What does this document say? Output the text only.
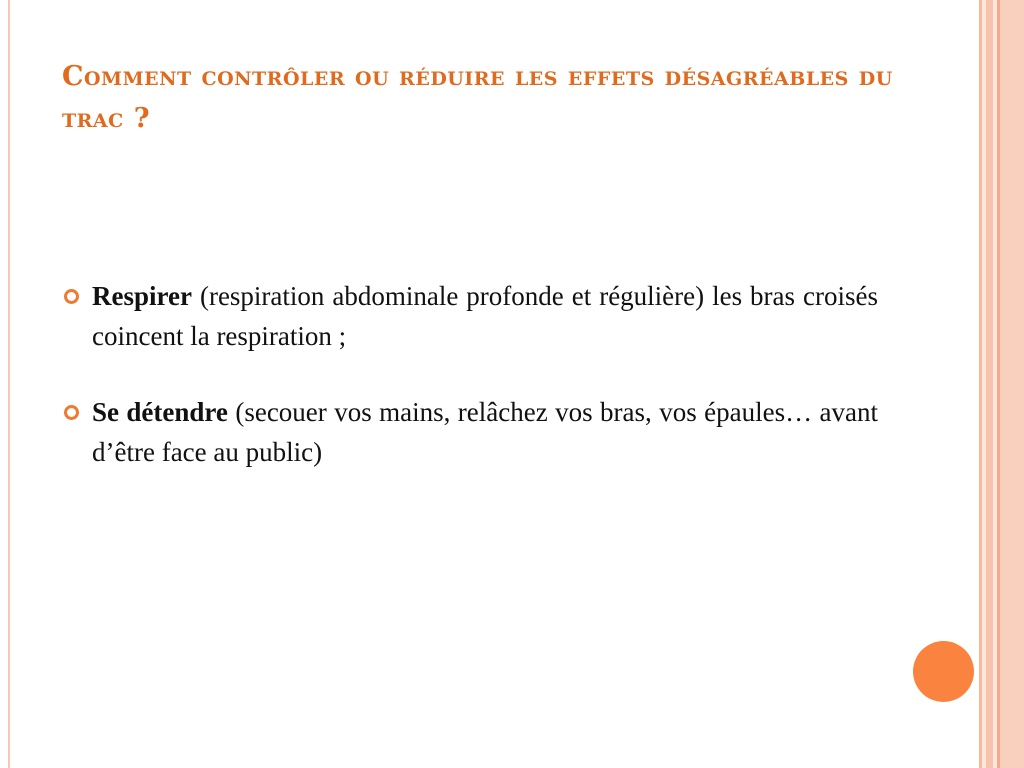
Comment contrôler ou réduire les effets désagréables du trac ?
Respirer (respiration abdominale profonde et régulière) les bras croisés coincent la respiration ;
Se détendre (secouer vos mains, relâchez vos bras, vos épaules… avant d’être face au public)
